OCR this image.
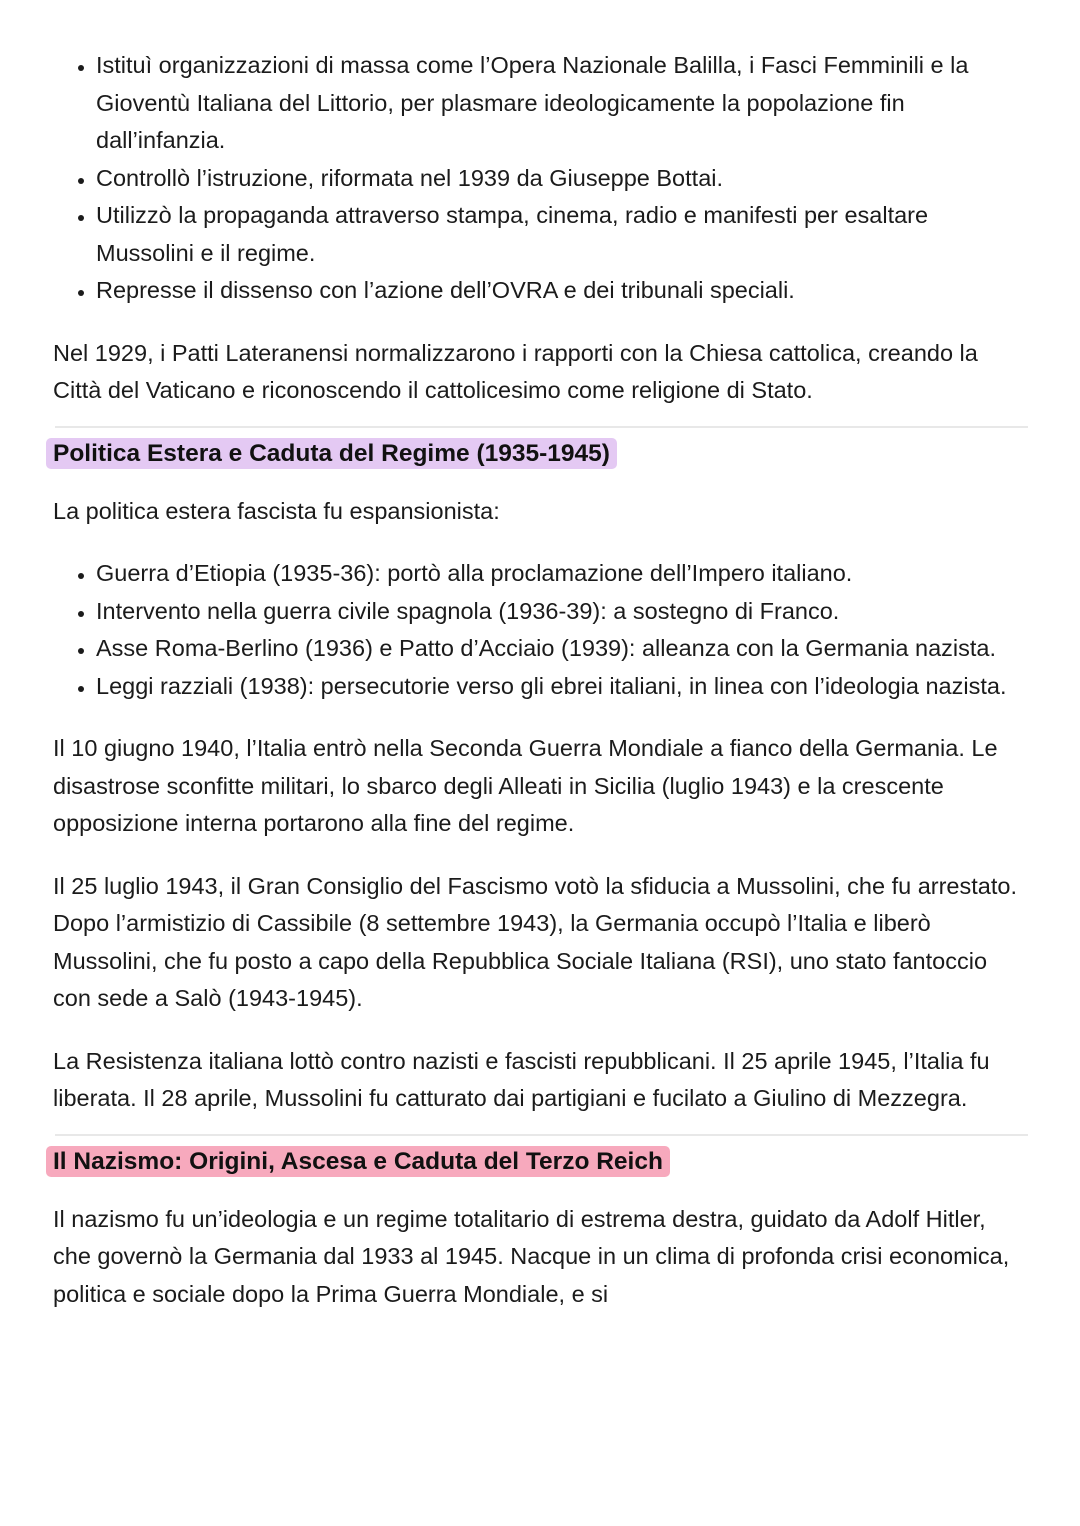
• Istituì organizzazioni di massa come l’Opera Nazionale Balilla, i Fasci Femminili e la Gioventù Italiana del Littorio, per plasmare ideologicamente la popolazione fin dall’infanzia.
• Controllò l’istruzione, riformata nel 1939 da Giuseppe Bottai.
• Utilizzò la propaganda attraverso stampa, cinema, radio e manifesti per esaltare Mussolini e il regime.
• Represse il dissenso con l’azione dell’OVRA e dei tribunali speciali.

Nel 1929, i Patti Lateranensi normalizzarono i rapporti con la Chiesa cattolica, creando la Città del Vaticano e riconoscendo il cattolicesimo come religione di Stato.

Politica Estera e Caduta del Regime (1935-1945)

La politica estera fascista fu espansionista:

• Guerra d’Etiopia (1935-36): portò alla proclamazione dell’Impero italiano.
• Intervento nella guerra civile spagnola (1936-39): a sostegno di Franco.
• Asse Roma-Berlino (1936) e Patto d’Acciaio (1939): alleanza con la Germania nazista.
• Leggi razziali (1938): persecutorie verso gli ebrei italiani, in linea con l’ideologia nazista.

Il 10 giugno 1940, l’Italia entrò nella Seconda Guerra Mondiale a fianco della Germania. Le disastrose sconfitte militari, lo sbarco degli Alleati in Sicilia (luglio 1943) e la crescente opposizione interna portarono alla fine del regime.

Il 25 luglio 1943, il Gran Consiglio del Fascismo votò la sfiducia a Mussolini, che fu arrestato. Dopo l’armistizio di Cassibile (8 settembre 1943), la Germania occupò l’Italia e liberò Mussolini, che fu posto a capo della Repubblica Sociale Italiana (RSI), uno stato fantoccio con sede a Salò (1943-1945).

La Resistenza italiana lottò contro nazisti e fascisti repubblicani. Il 25 aprile 1945, l’Italia fu liberata. Il 28 aprile, Mussolini fu catturato dai partigiani e fucilato a Giulino di Mezzegra.

Il Nazismo: Origini, Ascesa e Caduta del Terzo Reich

Il nazismo fu un’ideologia e un regime totalitario di estrema destra, guidato da Adolf Hitler, che governò la Germania dal 1933 al 1945. Nacque in un clima di profonda crisi economica, politica e sociale dopo la Prima Guerra Mondiale, e si
